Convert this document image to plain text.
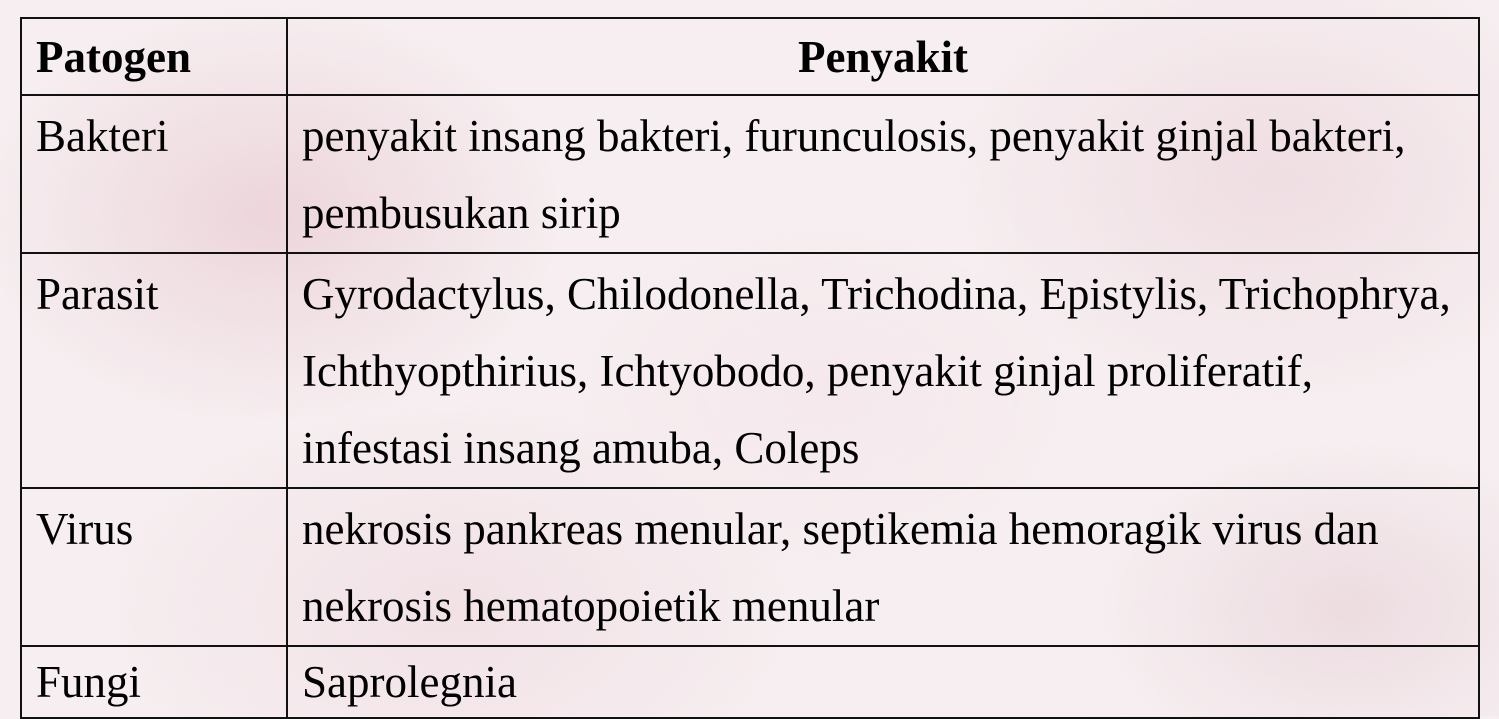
Patogen	Penyakit
Bakteri	penyakit insang bakteri, furunculosis, penyakit ginjal bakteri, pembusukan sirip
Parasit	Gyrodactylus, Chilodonella, Trichodina, Epistylis, Trichophrya, Ichthyopthirius, Ichtyobodo, penyakit ginjal proliferatif, infestasi insang amuba, Coleps
Virus	nekrosis pankreas menular, septikemia hemoragik virus dan nekrosis hematopoietik menular
Fungi	Saprolegnia
